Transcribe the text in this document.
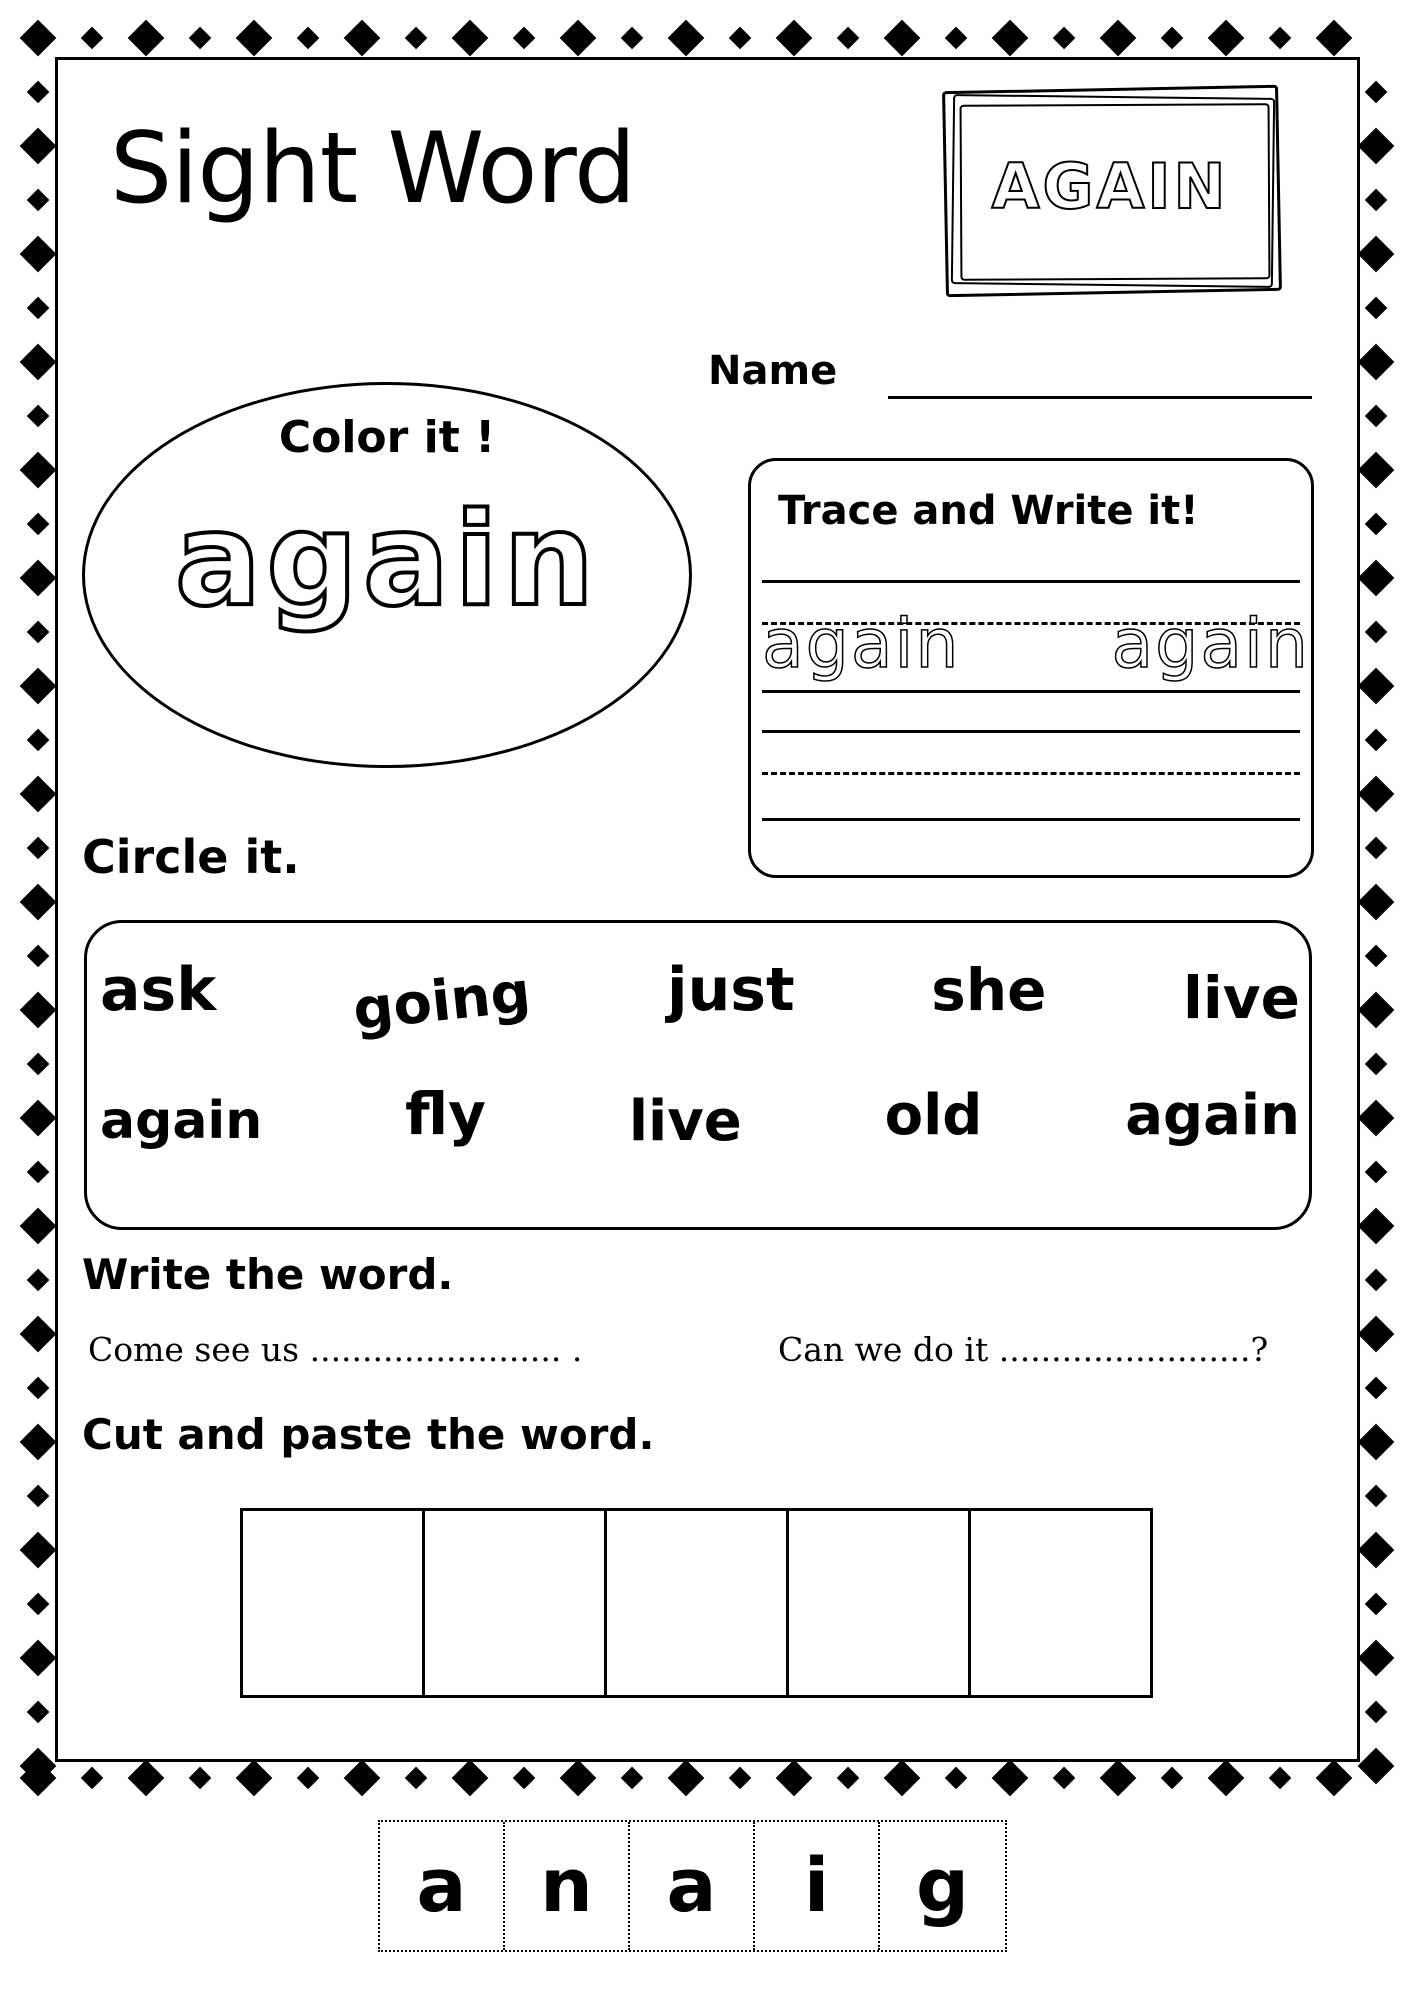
Sight Word	AGAIN
Name
Color it !
again	Trace and Write it!
again again
Circle it.
ask going just she live
again fly	live	old	again
Write the word.
Come see us ........................ .	Can we do it ........................?
Cut and paste the word.
a n a	i	g
